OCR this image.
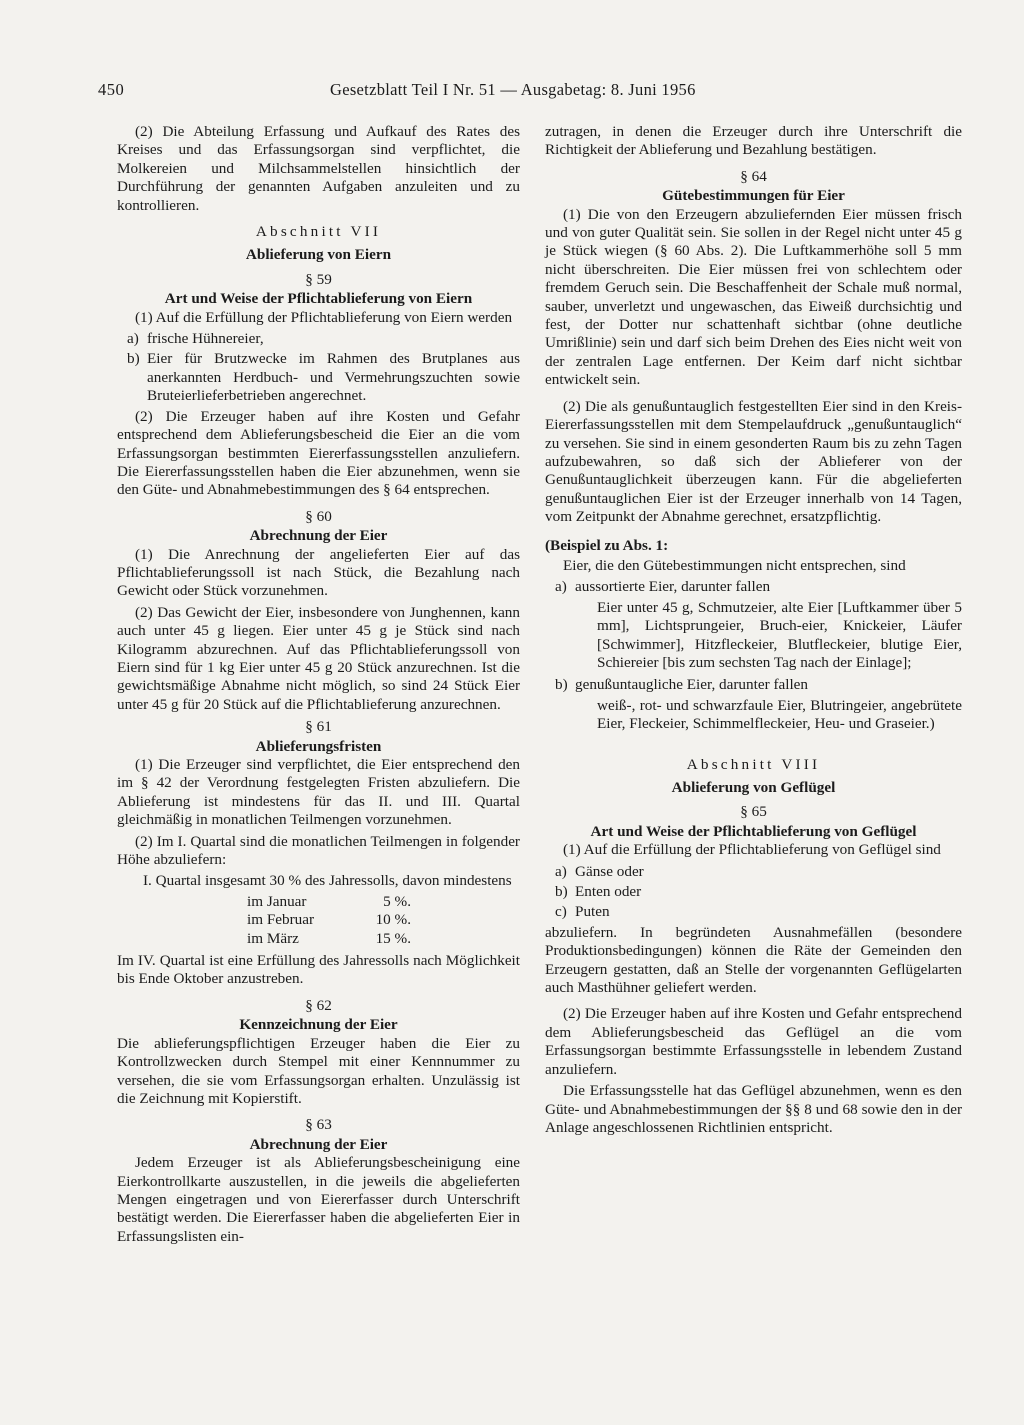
450	Gesetzblatt Teil I Nr. 51 — Ausgabetag: 8. Juni 1956

(2) Die Abteilung Erfassung und Aufkauf des Rates des Kreises und das Erfassungsorgan sind verpflichtet, die Molkereien und Milchsammelstellen hinsichtlich der Durchführung der genannten Aufgaben anzuleiten und zu kontrollieren.

Abschnitt VII
Ablieferung von Eiern
§ 59
Art und Weise der Pflichtablieferung von Eiern

(1) Auf die Erfüllung der Pflichtablieferung von Eiern werden

a) frische Hühnereier,
b) Eier für Brutzwecke im Rahmen des Brutplanes aus anerkannten Herdbuch- und Vermehrungszuchten sowie Bruteierlieferbetrieben angerechnet.

(2) Die Erzeuger haben auf ihre Kosten und Gefahr entsprechend dem Ablieferungsbescheid die Eier an die vom Erfassungsorgan bestimmten Eiererfassungsstellen anzuliefern. Die Eiererfassungsstellen haben die Eier abzunehmen, wenn sie den Güte- und Abnahmebestimmungen des § 64 entsprechen.

§ 60
Abrechnung der Eier

(1) Die Anrechnung der angelieferten Eier auf das Pflichtablieferungssoll ist nach Stück, die Bezahlung nach Gewicht oder Stück vorzunehmen.

(2) Das Gewicht der Eier, insbesondere von Junghennen, kann auch unter 45 g liegen. Eier unter 45 g je Stück sind nach Kilogramm abzurechnen. Auf das Pflichtablieferungssoll von Eiern sind für 1 kg Eier unter 45 g 20 Stück anzurechnen. Ist die gewichtsmäßige Abnahme nicht möglich, so sind 24 Stück Eier unter 45 g für 20 Stück auf die Pflichtablieferung anzurechnen.

§ 61
Ablieferungsfristen

(1) Die Erzeuger sind verpflichtet, die Eier entsprechend den im § 42 der Verordnung festgelegten Fristen abzuliefern. Die Ablieferung ist mindestens für das II. und III. Quartal gleichmäßig in monatlichen Teilmengen vorzunehmen.

(2) Im I. Quartal sind die monatlichen Teilmengen in folgender Höhe abzuliefern:

I. Quartal insgesamt 30 % des Jahressolls, davon mindestens
im Januar	5 %.
im Februar	10 %.
im März	15 %.

Im IV. Quartal ist eine Erfüllung des Jahressolls nach Möglichkeit bis Ende Oktober anzustreben.

§ 62
Kennzeichnung der Eier

Die ablieferungspflichtigen Erzeuger haben die Eier zu Kontrollzwecken durch Stempel mit einer Kennnummer zu versehen, die sie vom Erfassungsorgan erhalten. Unzulässig ist die Zeichnung mit Kopierstift.

§ 63
Abrechnung der Eier

Jedem Erzeuger ist als Ablieferungsbescheinigung eine Eierkontrollkarte auszustellen, in die jeweils die abgelieferten Mengen eingetragen und von Eiererfasser durch Unterschrift bestätigt werden. Die Eiererfasser haben die abgelieferten Eier in Erfassungslisten ein-

zutragen, in denen die Erzeuger durch ihre Unterschrift die Richtigkeit der Ablieferung und Bezahlung bestätigen.

§ 64
Gütebestimmungen für Eier

(1) Die von den Erzeugern abzuliefernden Eier müssen frisch und von guter Qualität sein. Sie sollen in der Regel nicht unter 45 g je Stück wiegen (§ 60 Abs. 2). Die Luftkammerhöhe soll 5 mm nicht überschreiten. Die Eier müssen frei von schlechtem oder fremdem Geruch sein. Die Beschaffenheit der Schale muß normal, sauber, unverletzt und ungewaschen, das Eiweiß durchsichtig und fest, der Dotter nur schattenhaft sichtbar (ohne deutliche Umrißlinie) sein und darf sich beim Drehen des Eies nicht weit von der zentralen Lage entfernen. Der Keim darf nicht sichtbar entwickelt sein.

(2) Die als genußuntauglich festgestellten Eier sind in den Kreis-Eiererfassungsstellen mit dem Stempelaufdruck „genußuntauglich“ zu versehen. Sie sind in einem gesonderten Raum bis zu zehn Tagen aufzubewahren, so daß sich der Ablieferer von der Genußuntauglichkeit überzeugen kann. Für die abgelieferten genußuntauglichen Eier ist der Erzeuger innerhalb von 14 Tagen, vom Zeitpunkt der Abnahme gerechnet, ersatzpflichtig.

(Beispiel zu Abs. 1:

Eier, die den Gütebestimmungen nicht entsprechen, sind

a) aussortierte Eier, darunter fallen
Eier unter 45 g, Schmutzeier, alte Eier [Luftkammer über 5 mm], Lichtsprungeier, Bruch-eier, Knickeier, Läufer [Schwimmer], Hitzfleckeier, Blutfleckeier, blutige Eier, Schiereier [bis zum sechsten Tag nach der Einlage];
b) genußuntaugliche Eier, darunter fallen
weiß-, rot- und schwarzfaule Eier, Blutringeier, angebrütete Eier, Fleckeier, Schimmelfleckeier, Heu- und Graseier.)
Abschnitt VIII
Ablieferung von Geflügel
§ 65
Art und Weise der Pflichtablieferung von Geflügel

(1) Auf die Erfüllung der Pflichtablieferung von Geflügel sind

a) Gänse oder
b) Enten oder
c) Puten

abzuliefern. In begründeten Ausnahmefällen (besondere Produktionsbedingungen) können die Räte der Gemeinden den Erzeugern gestatten, daß an Stelle der vorgenannten Geflügelarten auch Masthühner geliefert werden.

(2) Die Erzeuger haben auf ihre Kosten und Gefahr entsprechend dem Ablieferungsbescheid das Geflügel an die vom Erfassungsorgan bestimmte Erfassungsstelle in lebendem Zustand anzuliefern.

Die Erfassungsstelle hat das Geflügel abzunehmen, wenn es den Güte- und Abnahmebestimmungen der §§ 8 und 68 sowie den in der Anlage angeschlossenen Richtlinien entspricht.
